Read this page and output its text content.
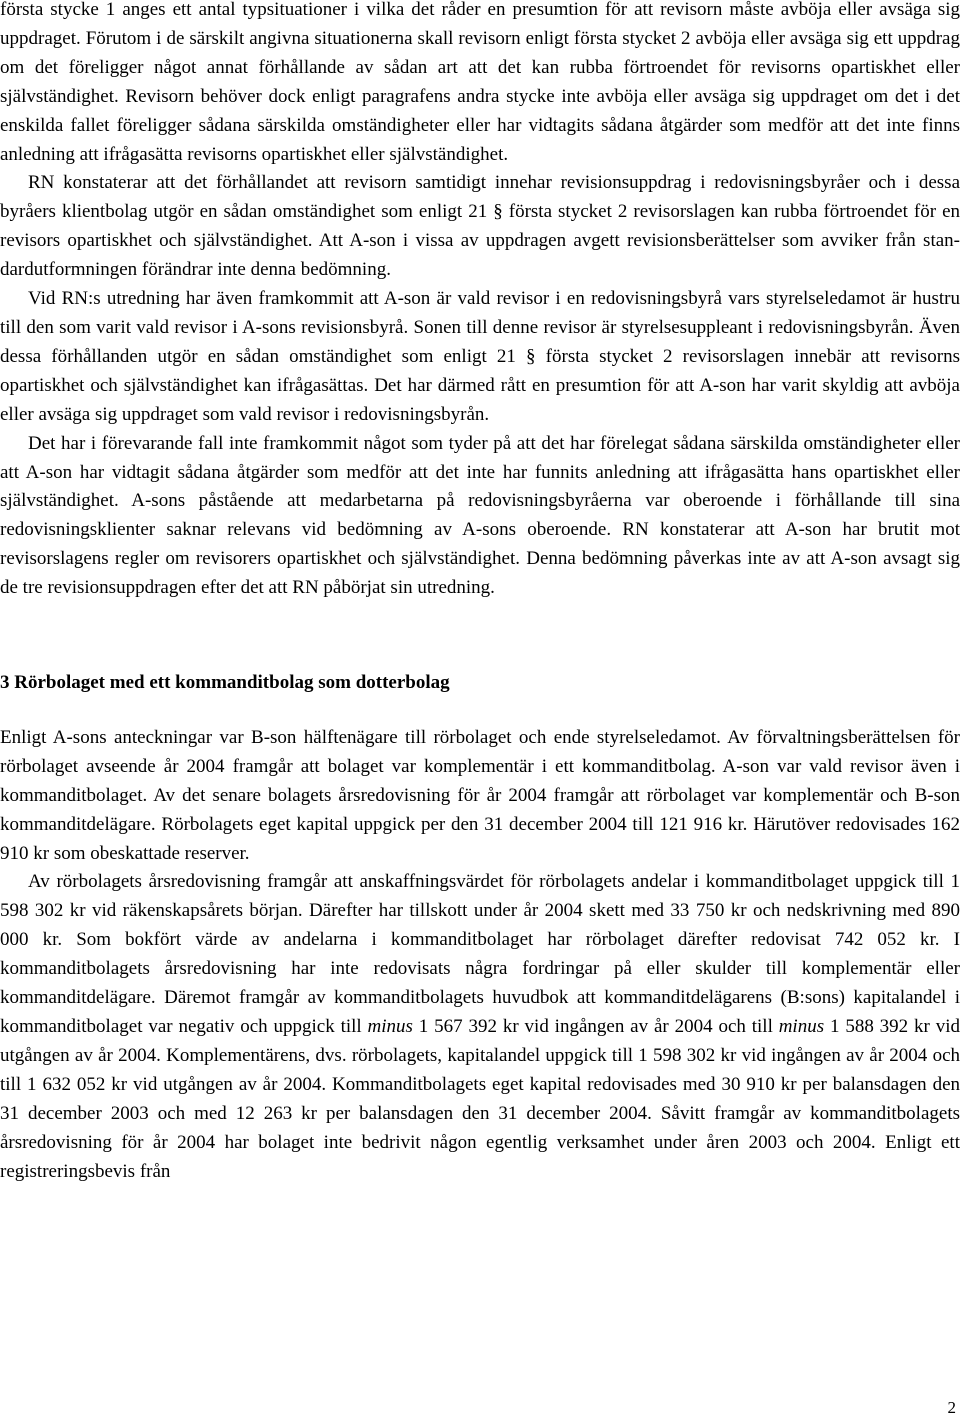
första stycke 1 anges ett antal typsituationer i vilka det råder en presumtion för att revisorn måste avböja eller avsäga sig uppdraget. Förutom i de särskilt angivna situationerna skall revisorn enligt första stycket 2 avböja eller avsäga sig ett uppdrag om det föreligger något annat förhållande av sådan art att det kan rubba förtroendet för revisorns opartiskhet eller självständighet. Revisorn behöver dock enligt paragrafens andra stycke inte avböja eller avsäga sig uppdraget om det i det enskilda fallet föreligger sådana särskilda omständigheter eller har vidtagits sådana åtgärder som medför att det inte finns anledning att ifrågasätta revisorns opartiskhet eller självständighet.

RN konstaterar att det förhållandet att revisorn samtidigt innehar revisionsuppdrag i redovisningsbyråer och i dessa byråers klientbolag utgör en sådan omständighet som enligt 21 § första stycket 2 revisorslagen kan rubba förtroendet för en revisors opartiskhet och självständighet. Att A-son i vissa av uppdragen avgett revisionsberättelser som avviker från standardutformningen förändrar inte denna bedömning.

Vid RN:s utredning har även framkommit att A-son är vald revisor i en redovisningsbyrå vars styrelseledamot är hustru till den som varit vald revisor i A-sons revisionsbyrå. Sonen till denne revisor är styrelsesuppleant i redovisningsbyrån. Även dessa förhållanden utgör en sådan omständighet som enligt 21 § första stycket 2 revisorslagen innebär att revisorns opartiskhet och självständighet kan ifrågasättas. Det har därmed rått en presumtion för att A-son har varit skyldig att avböja eller avsäga sig uppdraget som vald revisor i redovisningsbyrån.

Det har i förevarande fall inte framkommit något som tyder på att det har förelegat sådana särskilda omständigheter eller att A-son har vidtagit sådana åtgärder som medför att det inte har funnits anledning att ifrågasätta hans opartiskhet eller självständighet. A-sons påstående att medarbetarna på redovisningsbyråerna var oberoende i förhållande till sina redovisningsklienter saknar relevans vid bedömning av A-sons oberoende. RN konstaterar att A-son har brutit mot revisorslagens regler om revisorers opartiskhet och självständighet. Denna bedömning påverkas inte av att A-son avsagt sig de tre revisionsuppdragen efter det att RN påbörjat sin utredning.

3 Rörbolaget med ett kommanditbolag som dotterbolag

Enligt A-sons anteckningar var B-son hälftenägare till rörbolaget och ende styrelseledamot. Av förvaltningsberättelsen för rörbolaget avseende år 2004 framgår att bolaget var komplementär i ett kommanditbolag. A-son var vald revisor även i kommanditbolaget. Av det senare bolagets årsredovisning för år 2004 framgår att rörbolaget var komplementär och B-son kommanditdelägare. Rörbolagets eget kapital uppgick per den 31 december 2004 till 121 916 kr. Härutöver redovisades 162 910 kr som obeskattade reserver.

Av rörbolagets årsredovisning framgår att anskaffningsvärdet för rörbolagets andelar i kommanditbolaget uppgick till 1 598 302 kr vid räkenskapsårets början. Därefter har tillskott under år 2004 skett med 33 750 kr och nedskrivning med 890 000 kr. Som bokfört värde av andelarna i kommanditbolaget har rörbolaget därefter redovisat 742 052 kr. I kommanditbolagets årsredovisning har inte redovisats några fordringar på eller skulder till komplementär eller kommanditdelägare. Däremot framgår av kommanditbolagets huvudbok att kommanditdelägarens (B:sons) kapitalandel i kommanditbolaget var negativ och uppgick till minus 1 567 392 kr vid ingången av år 2004 och till minus 1 588 392 kr vid utgången av år 2004. Komplementärens, dvs. rörbolagets, kapitalandel uppgick till 1 598 302 kr vid ingången av år 2004 och till 1 632 052 kr vid utgången av år 2004. Kommanditbolagets eget kapital redovisades med 30 910 kr per balansdagen den 31 december 2003 och med 12 263 kr per balansdagen den 31 december 2004. Såvitt framgår av kommanditbolagets årsredovisning för år 2004 har bolaget inte bedrivit någon egentlig verksamhet under åren 2003 och 2004. Enligt ett registreringsbevis från

2
